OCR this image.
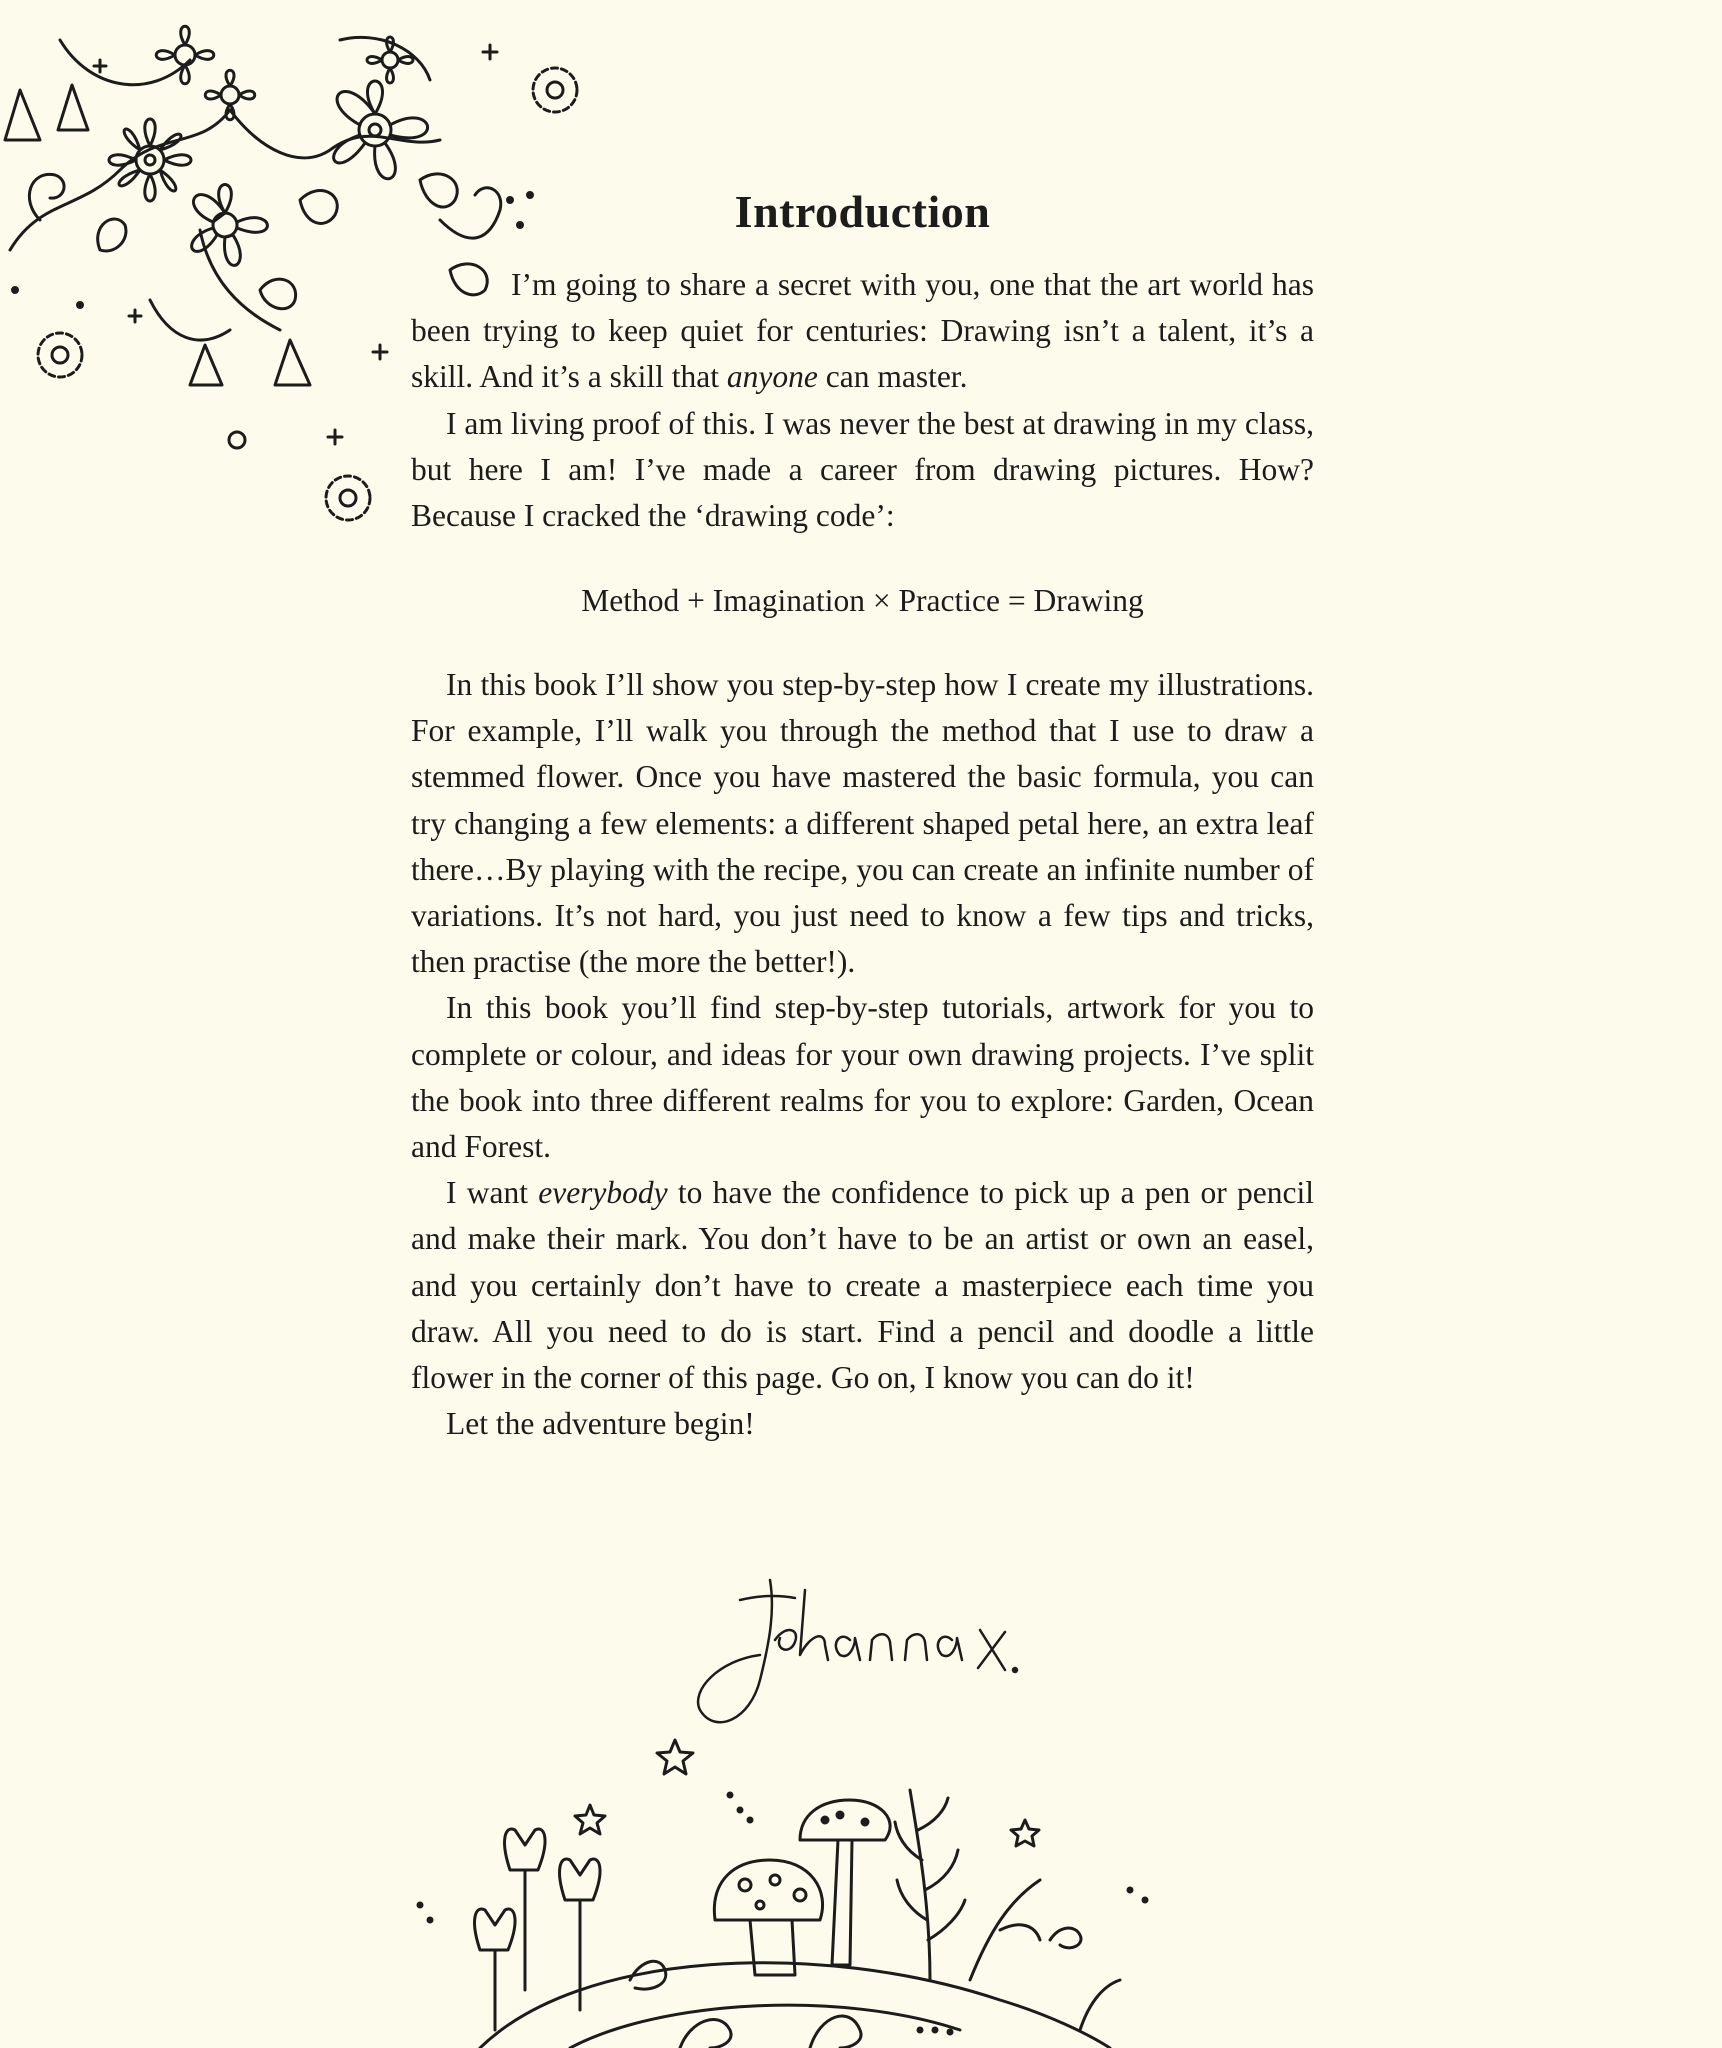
Introduction

I’m going to share a secret with you, one that the art world has been trying to keep quiet for centuries: Drawing isn’t a talent, it’s a skill. And it’s a skill that anyone can master.

I am living proof of this. I was never the best at drawing in my class, but here I am! I’ve made a career from drawing pictures. How? Because I cracked the ‘drawing code’:

Method + Imagination × Practice = Drawing

In this book I’ll show you step-by-step how I create my illustrations. For example, I’ll walk you through the method that I use to draw a stemmed flower. Once you have mastered the basic formula, you can try changing a few elements: a different shaped petal here, an extra leaf there…By playing with the recipe, you can create an infinite number of variations. It’s not hard, you just need to know a few tips and tricks, then practise (the more the better!).

In this book you’ll find step-by-step tutorials, artwork for you to complete or colour, and ideas for your own drawing projects. I’ve split the book into three different realms for you to explore: Garden, Ocean and Forest.

I want everybody to have the confidence to pick up a pen or pencil and make their mark. You don’t have to be an artist or own an easel, and you certainly don’t have to create a masterpiece each time you draw. All you need to do is start. Find a pencil and doodle a little flower in the corner of this page. Go on, I know you can do it!

Let the adventure begin!
